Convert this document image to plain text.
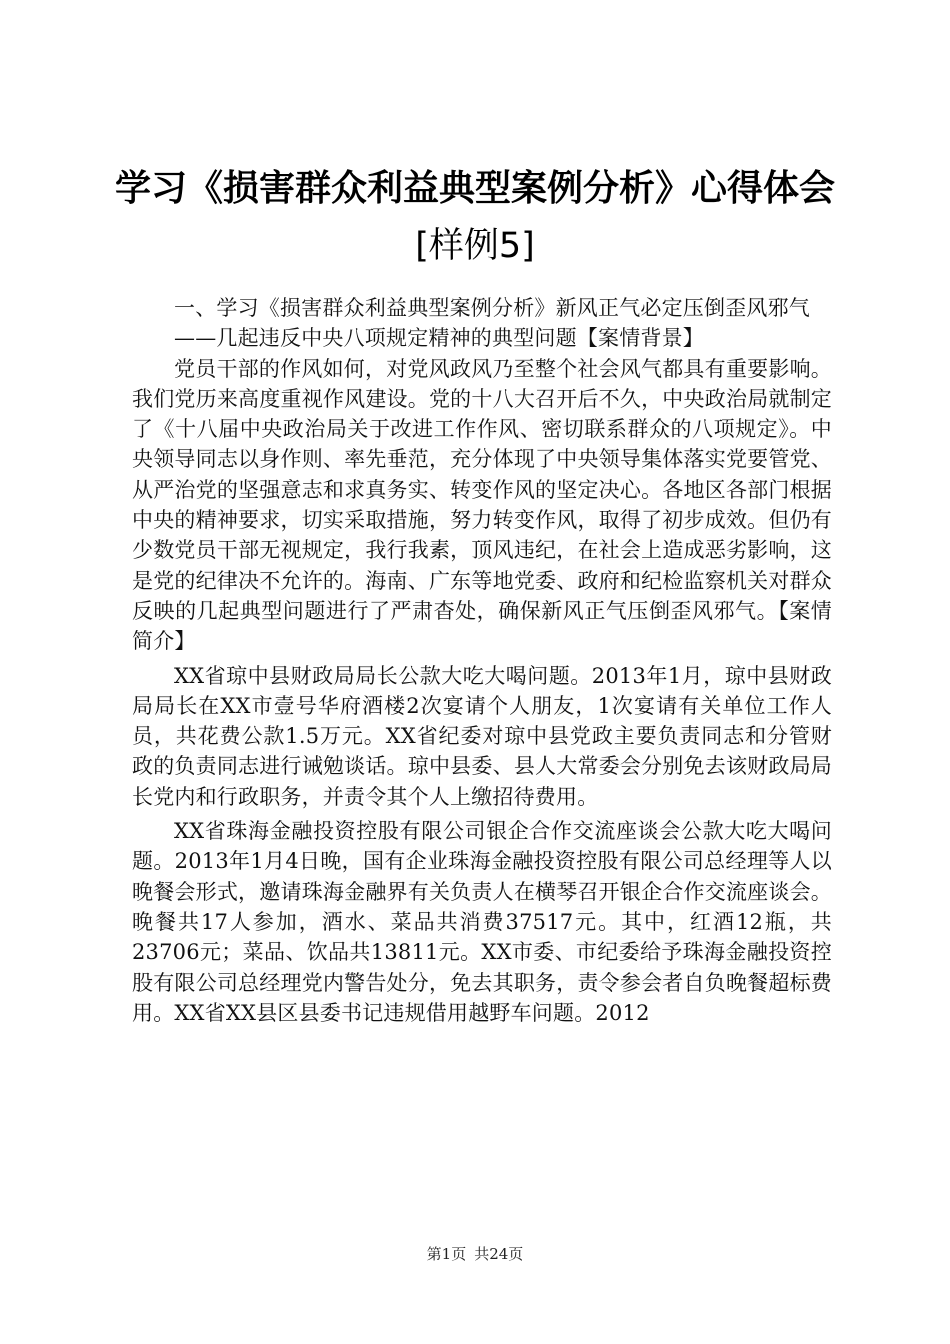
学习《损害群众利益典型案例分析》心得体会
[样例5]

一、学习《损害群众利益典型案例分析》新风正气必定压倒歪风邪气

——几起违反中央八项规定精神的典型问题【案情背景】

党员干部的作风如何，对党风政风乃至整个社会风气都具有重要影响。我们党历来高度重视作风建设。党的十八大召开后不久，中央政治局就制定了《十八届中央政治局关于改进工作作风、密切联系群众的八项规定》。中央领导同志以身作则、率先垂范，充分体现了中央领导集体落实党要管党、从严治党的坚强意志和求真务实、转变作风的坚定决心。各地区各部门根据中央的精神要求，切实采取措施，努力转变作风，取得了初步成效。但仍有少数党员干部无视规定，我行我素，顶风违纪，在社会上造成恶劣影响，这是党的纪律决不允许的。海南、广东等地党委、政府和纪检监察机关对群众反映的几起典型问题进行了严肃杳处，确保新风正气压倒歪风邪气。【案情简介】

XX省琼中县财政局局长公款大吃大喝问题。2013年1月，琼中县财政局局长在XX市壹号华府酒楼2次宴请个人朋友，1次宴请有关单位工作人员，共花费公款1.5万元。XX省纪委对琼中县党政主要负责同志和分管财政的负责同志进行诫勉谈话。琼中县委、县人大常委会分别免去该财政局局长党内和行政职务，并责令其个人上缴招待费用。

XX省珠海金融投资控股有限公司银企合作交流座谈会公款大吃大喝问题。2013年1月4日晚，国有企业珠海金融投资控股有限公司总经理等人以晚餐会形式，邀请珠海金融界有关负责人在横琴召开银企合作交流座谈会。晚餐共17人参加，酒水、菜品共消费37517元。其中，红酒12瓶，共23706元；菜品、饮品共13811元。XX市委、市纪委给予珠海金融投资控股有限公司总经理党内警告处分，免去其职务，责令参会者自负晚餐超标费用。XX省XX县区县委书记违规借用越野车问题。2012

第1页 共24页
